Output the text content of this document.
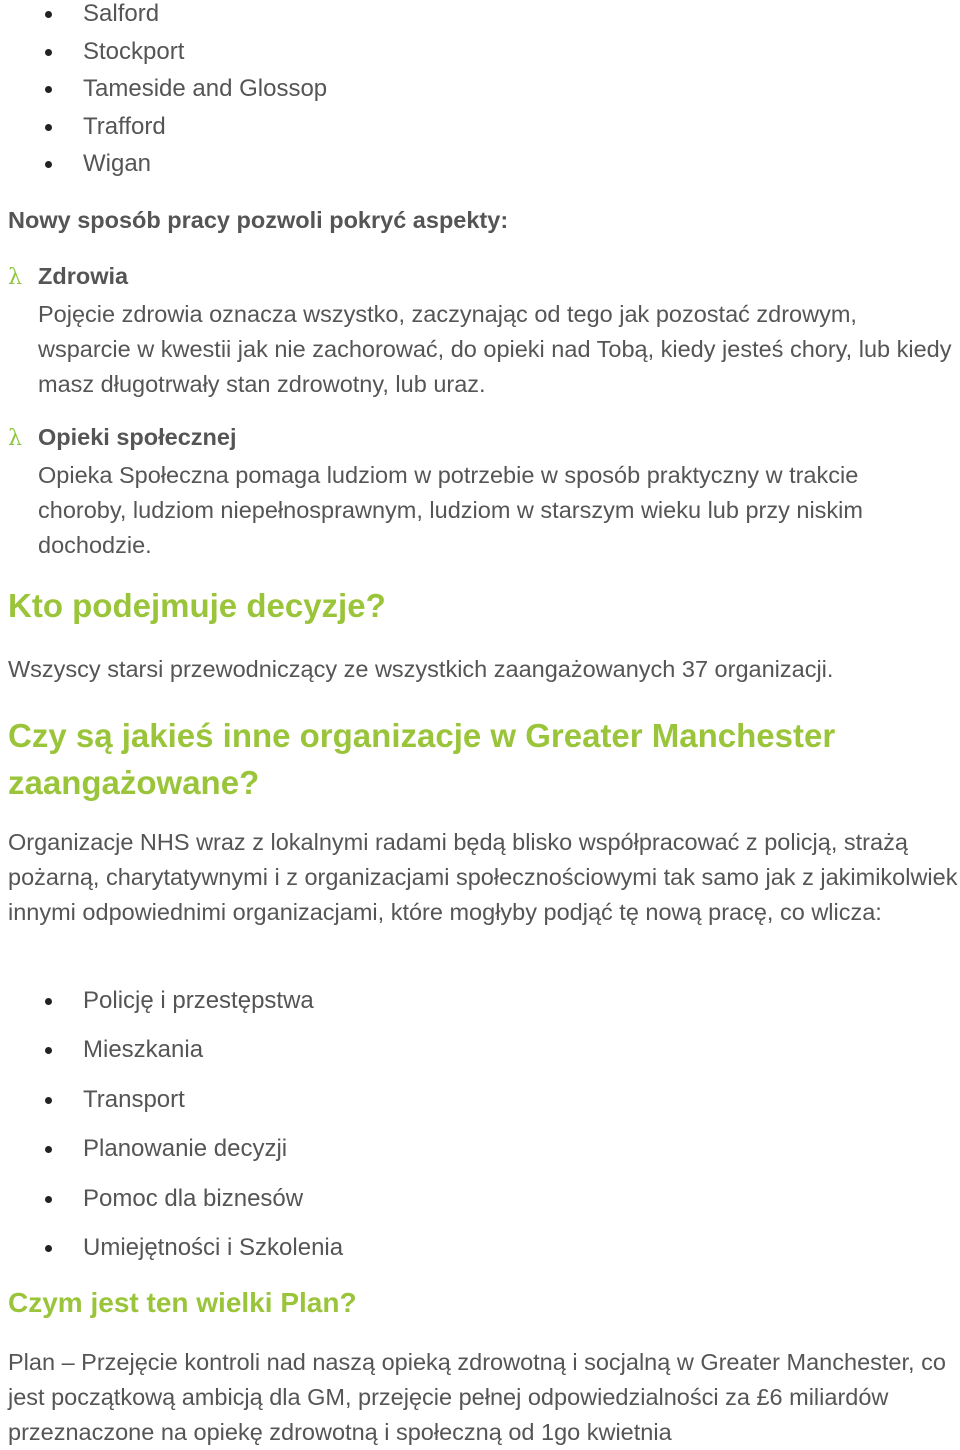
Salford
Stockport
Tameside and Glossop
Trafford
Wigan

Nowy sposób pracy pozwoli pokryć aspekty:

λ Zdrowia

Pojęcie zdrowia oznacza wszystko, zaczynając od tego jak pozostać zdrowym, wsparcie w kwestii jak nie zachorować, do opieki nad Tobą, kiedy jesteś chory, lub kiedy masz długotrwały stan zdrowotny, lub uraz.

λ Opieki społecznej

Opieka Społeczna pomaga ludziom w potrzebie w sposób praktyczny w trakcie choroby, ludziom niepełnosprawnym, ludziom w starszym wieku lub przy niskim dochodzie.

Kto podejmuje decyzje?

Wszyscy starsi przewodniczący ze wszystkich zaangażowanych 37 organizacji.

Czy są jakieś inne organizacje w Greater Manchester zaangażowane?

Organizacje NHS wraz z lokalnymi radami będą blisko współpracować z policją, strażą pożarną, charytatywnymi i z organizacjami społecznościowymi tak samo jak z jakimikolwiek innymi odpowiednimi organizacjami, które mogłyby podjąć tę nową pracę, co wlicza:

Policję i przestępstwa
Mieszkania
Transport
Planowanie decyzji
Pomoc dla biznesów
Umiejętności i Szkolenia
Czym jest ten wielki Plan?

Plan – Przejęcie kontroli nad naszą opieką zdrowotną i socjalną w Greater Manchester, co jest początkową ambicją dla GM, przejęcie pełnej odpowiedzialności za £6 miliardów przeznaczone na opiekę zdrowotną i społeczną od 1go kwietnia
